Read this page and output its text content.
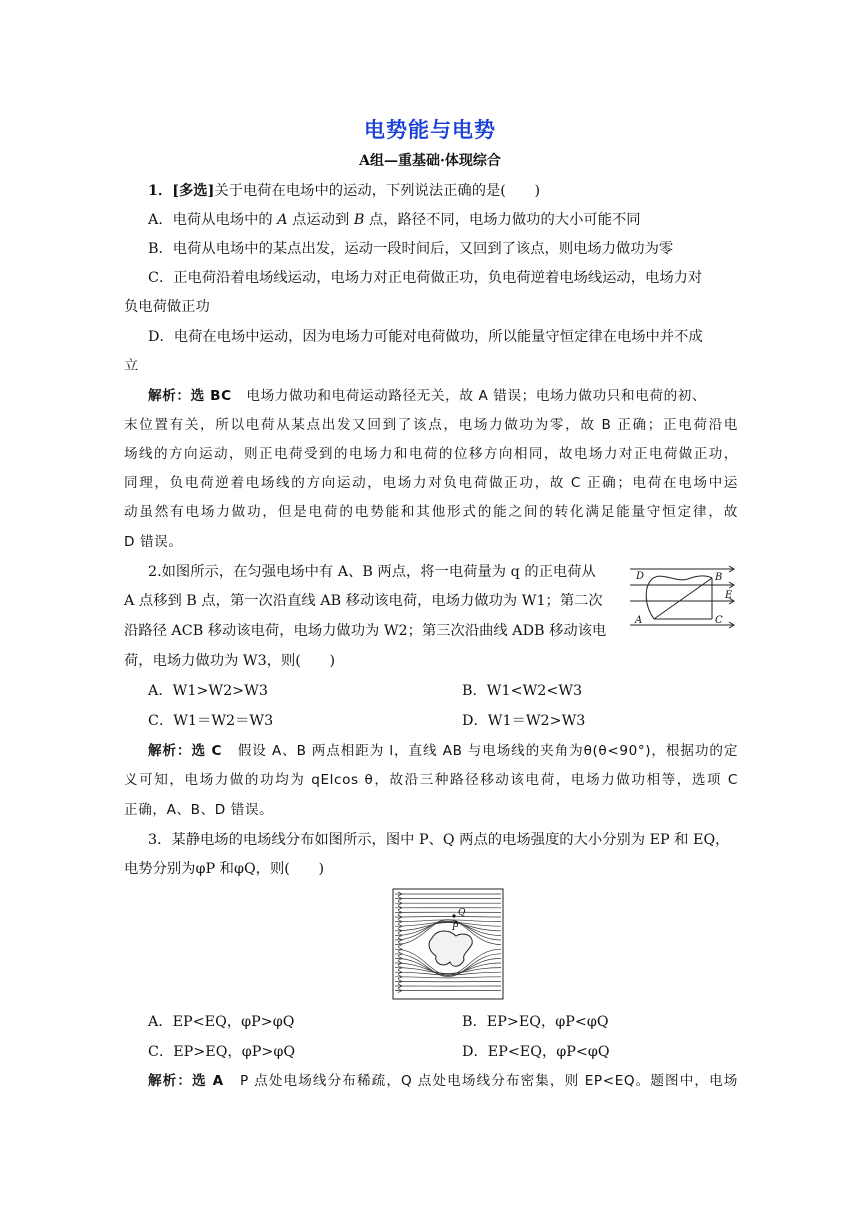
电势能与电势
A组—重基础·体现综合
1．[多选]关于电荷在电场中的运动，下列说法正确的是(　　)
A．电荷从电场中的 A 点运动到 B 点，路径不同，电场力做功的大小可能不同
B．电荷从电场中的某点出发，运动一段时间后，又回到了该点，则电场力做功为零
C．正电荷沿着电场线运动，电场力对正电荷做正功，负电荷逆着电场线运动，电场力对
负电荷做正功
D．电荷在电场中运动，因为电场力可能对电荷做功，所以能量守恒定律在电场中并不成
立
解析：选 BC 电场力做功和电荷运动路径无关，故 A 错误；电场力做功只和电荷的初、
末位置有关，所以电荷从某点出发又回到了该点，电场力做功为零，故 B 正确；正电荷沿电
场线的方向运动，则正电荷受到的电场力和电荷的位移方向相同，故电场力对正电荷做正功，
同理，负电荷逆着电场线的方向运动，电场力对负电荷做正功，故 C 正确；电荷在电场中运
动虽然有电场力做功，但是电荷的电势能和其他形式的能之间的转化满足能量守恒定律，故
D 错误。
2.如图所示，在匀强电场中有 A、B 两点，将一电荷量为 q 的正电荷从
A 点移到 B 点，第一次沿直线 AB 移动该电荷，电场力做功为 W1；第二次
沿路径 ACB 移动该电荷，电场力做功为 W2；第三次沿曲线 ADB 移动该电
荷，电场力做功为 W3，则(　　)
D	B
E
A	C
A．W1>W2>W3	B．W1<W2<W3
C．W1＝W2＝W3	D．W1＝W2>W3
解析：选 C 假设 A、B 两点相距为 l，直线 AB 与电场线的夹角为θ(θ<90°)，根据功的定
义可知，电场力做的功均为 qElcos θ，故沿三种路径移动该电荷，电场力做功相等，选项 C
正确，A、B、D 错误。
3．某静电场的电场线分布如图所示，图中 P、Q 两点的电场强度的大小分别为 EP 和 EQ，
电势分别为φP 和φQ，则(　　)
Q
P
A．EP<EQ，φP>φQ	B．EP>EQ，φP<φQ
C．EP>EQ，φP>φQ	D．EP<EQ，φP<φQ
解析：选 A P 点处电场线分布稀疏，Q 点处电场线分布密集，则 EP<EQ。题图中，电场
